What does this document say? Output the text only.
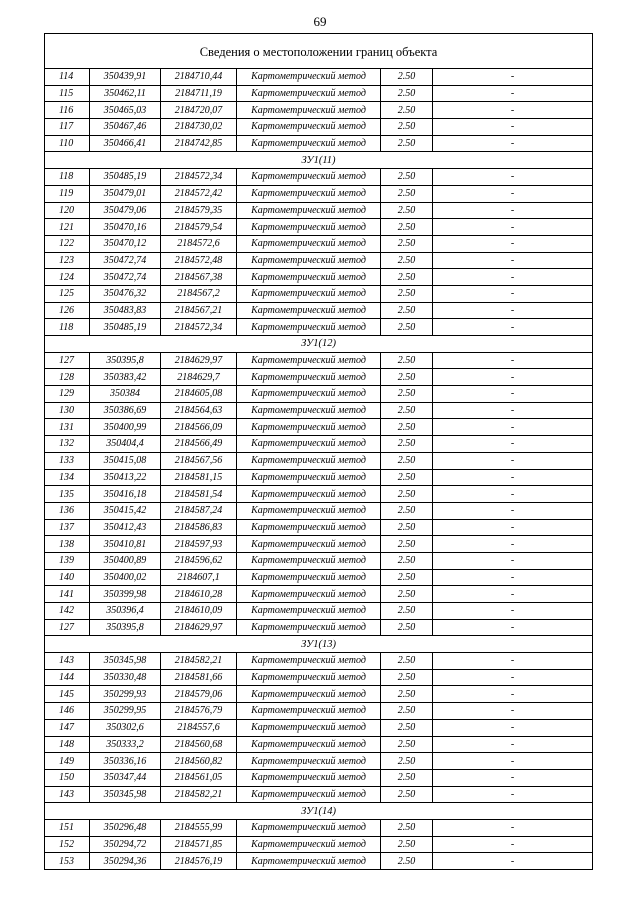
69
Сведения о местоположении границ объекта					
114	350439,91	2184710,44	Картометрический метод	2.50	-
115	350462,11	2184711,19	Картометрический метод	2.50	-
116	350465,03	2184720,07	Картометрический метод	2.50	-
117	350467,46	2184730,02	Картометрический метод	2.50	-
110	350466,41	2184742,85	Картометрический метод	2.50	-
ЗУ1(11)					
118	350485,19	2184572,34	Картометрический метод	2.50	-
119	350479,01	2184572,42	Картометрический метод	2.50	-
120	350479,06	2184579,35	Картометрический метод	2.50	-
121	350470,16	2184579,54	Картометрический метод	2.50	-
122	350470,12	2184572,6	Картометрический метод	2.50	-
123	350472,74	2184572,48	Картометрический метод	2.50	-
124	350472,74	2184567,38	Картометрический метод	2.50	-
125	350476,32	2184567,2	Картометрический метод	2.50	-
126	350483,83	2184567,21	Картометрический метод	2.50	-
118	350485,19	2184572,34	Картометрический метод	2.50	-
ЗУ1(12)					
127	350395,8	2184629,97	Картометрический метод	2.50	-
128	350383,42	2184629,7	Картометрический метод	2.50	-
129	350384	2184605,08	Картометрический метод	2.50	-
130	350386,69	2184564,63	Картометрический метод	2.50	-
131	350400,99	2184566,09	Картометрический метод	2.50	-
132	350404,4	2184566,49	Картометрический метод	2.50	-
133	350415,08	2184567,56	Картометрический метод	2.50	-
134	350413,22	2184581,15	Картометрический метод	2.50	-
135	350416,18	2184581,54	Картометрический метод	2.50	-
136	350415,42	2184587,24	Картометрический метод	2.50	-
137	350412,43	2184586,83	Картометрический метод	2.50	-
138	350410,81	2184597,93	Картометрический метод	2.50	-
139	350400,89	2184596,62	Картометрический метод	2.50	-
140	350400,02	2184607,1	Картометрический метод	2.50	-
141	350399,98	2184610,28	Картометрический метод	2.50	-
142	350396,4	2184610,09	Картометрический метод	2.50	-
127	350395,8	2184629,97	Картометрический метод	2.50	-
ЗУ1(13)					
143	350345,98	2184582,21	Картометрический метод	2.50	-
144	350330,48	2184581,66	Картометрический метод	2.50	-
145	350299,93	2184579,06	Картометрический метод	2.50	-
146	350299,95	2184576,79	Картометрический метод	2.50	-
147	350302,6	2184557,6	Картометрический метод	2.50	-
148	350333,2	2184560,68	Картометрический метод	2.50	-
149	350336,16	2184560,82	Картометрический метод	2.50	-
150	350347,44	2184561,05	Картометрический метод	2.50	-
143	350345,98	2184582,21	Картометрический метод	2.50	-
ЗУ1(14)					
151	350296,48	2184555,99	Картометрический метод	2.50	-
152	350294,72	2184571,85	Картометрический метод	2.50	-
153	350294,36	2184576,19	Картометрический метод	2.50	-
